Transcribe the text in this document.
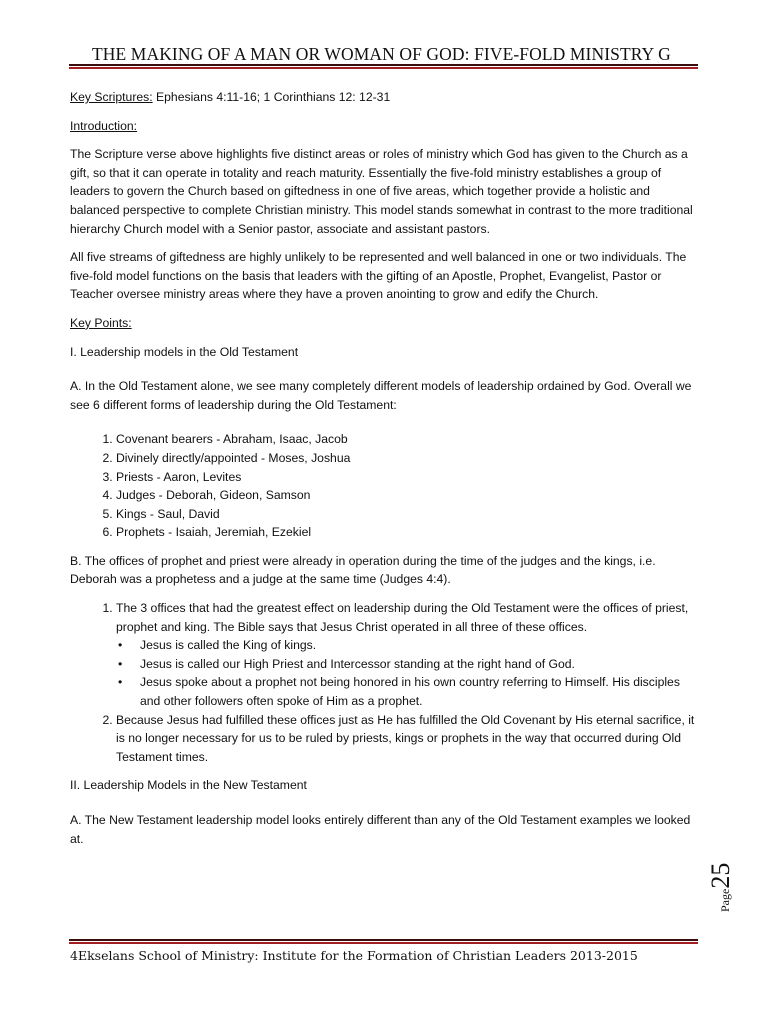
THE MAKING OF A MAN OR WOMAN OF GOD: FIVE-FOLD MINISTRY G

Key Scriptures: Ephesians 4:11-16; 1 Corinthians 12: 12-31

Introduction:

The Scripture verse above highlights five distinct areas or roles of ministry which God has given to the Church as a gift, so that it can operate in totality and reach maturity. Essentially the five-fold ministry establishes a group of leaders to govern the Church based on giftedness in one of five areas, which together provide a holistic and balanced perspective to complete Christian ministry. This model stands somewhat in contrast to the more traditional hierarchy Church model with a Senior pastor, associate and assistant pastors.

All five streams of giftedness are highly unlikely to be represented and well balanced in one or two individuals. The five-fold model functions on the basis that leaders with the gifting of an Apostle, Prophet, Evangelist, Pastor or Teacher oversee ministry areas where they have a proven anointing to grow and edify the Church.

Key Points:

I. Leadership models in the Old Testament

A. In the Old Testament alone, we see many completely different models of leadership ordained by God. Overall we see 6 different forms of leadership during the Old Testament:

1. Covenant bearers - Abraham, Isaac, Jacob
2. Divinely directly/appointed - Moses, Joshua
3. Priests - Aaron, Levites
4. Judges - Deborah, Gideon, Samson
5. Kings - Saul, David
6. Prophets - Isaiah, Jeremiah, Ezekiel

B. The offices of prophet and priest were already in operation during the time of the judges and the kings, i.e. Deborah was a prophetess and a judge at the same time (Judges 4:4).

1. The 3 offices that had the greatest effect on leadership during the Old Testament were the offices of priest, prophet and king. The Bible says that Jesus Christ operated in all three of these offices.
• Jesus is called the King of kings.
• Jesus is called our High Priest and Intercessor standing at the right hand of God.
• Jesus spoke about a prophet not being honored in his own country referring to Himself. His disciples and other followers often spoke of Him as a prophet.
2. Because Jesus had fulfilled these offices just as He has fulfilled the Old Covenant by His eternal sacrifice, it is no longer necessary for us to be ruled by priests, kings or prophets in the way that occurred during Old Testament times.

II. Leadership Models in the New Testament

A. The New Testament leadership model looks entirely different than any of the Old Testament examples we looked at.

Page25
4Ekselans School of Ministry: Institute for the Formation of Christian Leaders 2013-2015
